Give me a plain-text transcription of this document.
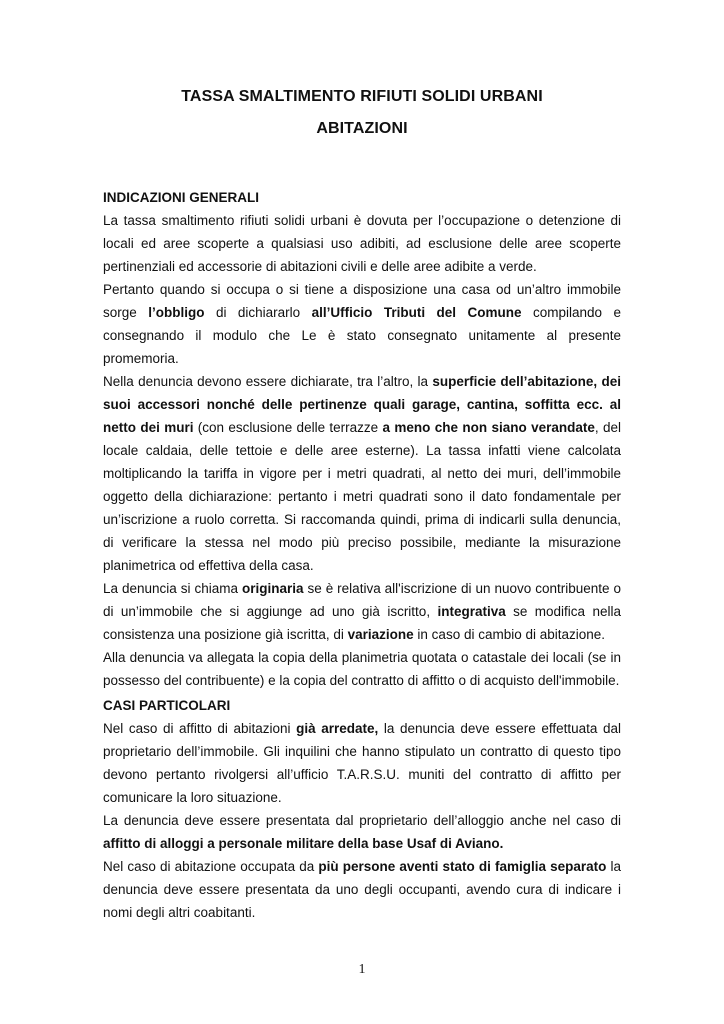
TASSA SMALTIMENTO RIFIUTI SOLIDI URBANI
ABITAZIONI
INDICAZIONI GENERALI

La tassa smaltimento rifiuti solidi urbani è dovuta per l’occupazione o detenzione di locali ed aree scoperte a qualsiasi uso adibiti, ad esclusione delle aree scoperte pertinenziali ed accessorie di abitazioni civili e delle aree adibite a verde.

Pertanto quando si occupa o si tiene a disposizione una casa od un’altro immobile sorge l’obbligo di dichiararlo all’Ufficio Tributi del Comune compilando e consegnando il modulo che Le è stato consegnato unitamente al presente promemoria.

Nella denuncia devono essere dichiarate, tra l’altro, la superficie dell’abitazione, dei suoi accessori nonché delle pertinenze quali garage, cantina, soffitta ecc. al netto dei muri (con esclusione delle terrazze a meno che non siano verandate, del locale caldaia, delle tettoie e delle aree esterne). La tassa infatti viene calcolata moltiplicando la tariffa in vigore per i metri quadrati, al netto dei muri, dell’immobile oggetto della dichiarazione: pertanto i metri quadrati sono il dato fondamentale per un’iscrizione a ruolo corretta. Si raccomanda quindi, prima di indicarli sulla denuncia, di verificare la stessa nel modo più preciso possibile, mediante la misurazione planimetrica od effettiva della casa.

La denuncia si chiama originaria se è relativa all'iscrizione di un nuovo contribuente o di un’immobile che si aggiunge ad uno già iscritto, integrativa se modifica nella consistenza una posizione già iscritta, di variazione in caso di cambio di abitazione.

Alla denuncia va allegata la copia della planimetria quotata o catastale dei locali (se in possesso del contribuente) e la copia del contratto di affitto o di acquisto dell'immobile.

CASI PARTICOLARI

Nel caso di affitto di abitazioni già arredate, la denuncia deve essere effettuata dal proprietario dell’immobile. Gli inquilini che hanno stipulato un contratto di questo tipo devono pertanto rivolgersi all’ufficio T.A.R.S.U. muniti del contratto di affitto per comunicare la loro situazione.

La denuncia deve essere presentata dal proprietario dell’alloggio anche nel caso di affitto di alloggi a personale militare della base Usaf di Aviano.

Nel caso di abitazione occupata da più persone aventi stato di famiglia separato la denuncia deve essere presentata da uno degli occupanti, avendo cura di indicare i nomi degli altri coabitanti.

1
